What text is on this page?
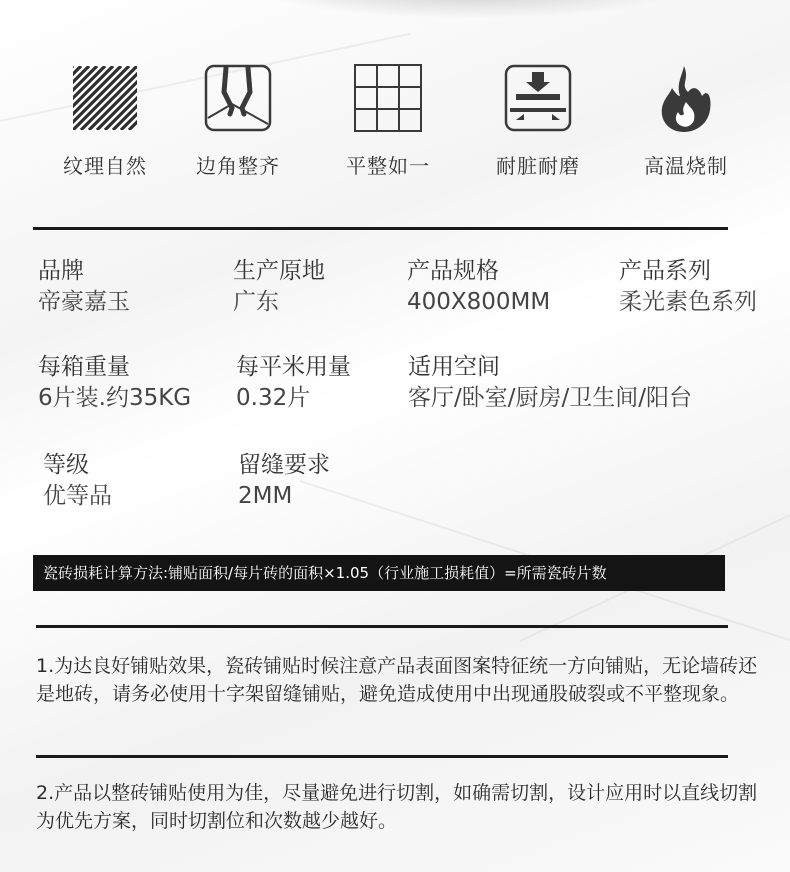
纹理自然	边角整齐	平整如一	耐脏耐磨	高温烧制
品牌
帝豪嘉玉
生产原地
广东
产品规格
400X800MM
产品系列
柔光素色系列
每箱重量
6片装.约35KG
每平米用量
0.32片
适用空间
客厅/卧室/厨房/卫生间/阳台
等级
优等品
留缝要求
2MM
瓷砖损耗计算方法:铺贴面积/每片砖的面积×1.05（行业施工损耗值）=所需瓷砖片数
1.为达良好铺贴效果，瓷砖铺贴时候注意产品表面图案特征统一方向铺贴，无论墙砖还是地砖，请务必使用十字架留缝铺贴，避免造成使用中出现通股破裂或不平整现象。
2.产品以整砖铺贴使用为佳，尽量避免进行切割，如确需切割，设计应用时以直线切割为优先方案，同时切割位和次数越少越好。
